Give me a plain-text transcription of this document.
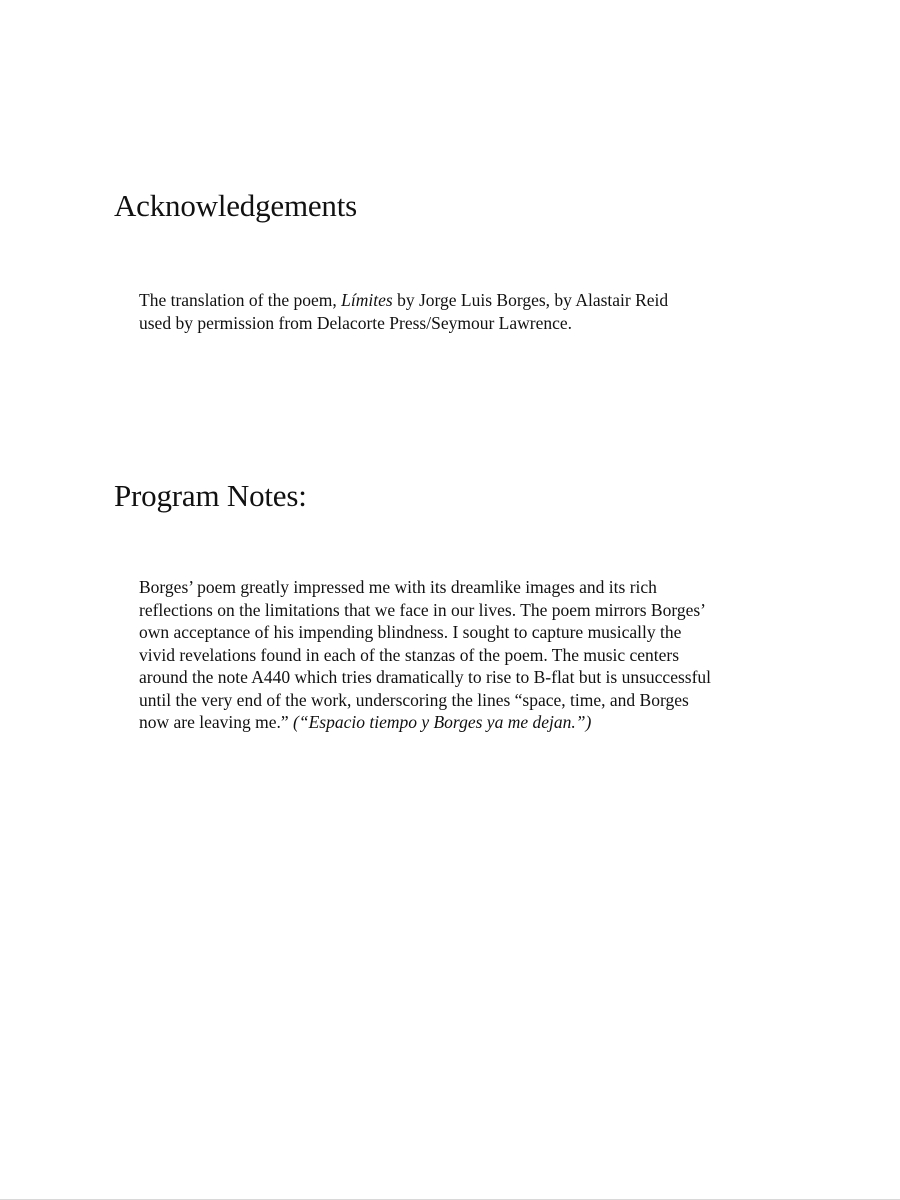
Acknowledgements

The translation of the poem, Límites by Jorge Luis Borges, by Alastair Reid
used by permission from Delacorte Press/Seymour Lawrence.

Program Notes:

Borges’ poem greatly impressed me with its dreamlike images and its rich
reflections on the limitations that we face in our lives. The poem mirrors Borges’
own acceptance of his impending blindness. I sought to capture musically the
vivid revelations found in each of the stanzas of the poem. The music centers
around the note A440 which tries dramatically to rise to B-flat but is unsuccessful
until the very end of the work, underscoring the lines “space, time, and Borges
now are leaving me.” (“Espacio tiempo y Borges ya me dejan.”)
